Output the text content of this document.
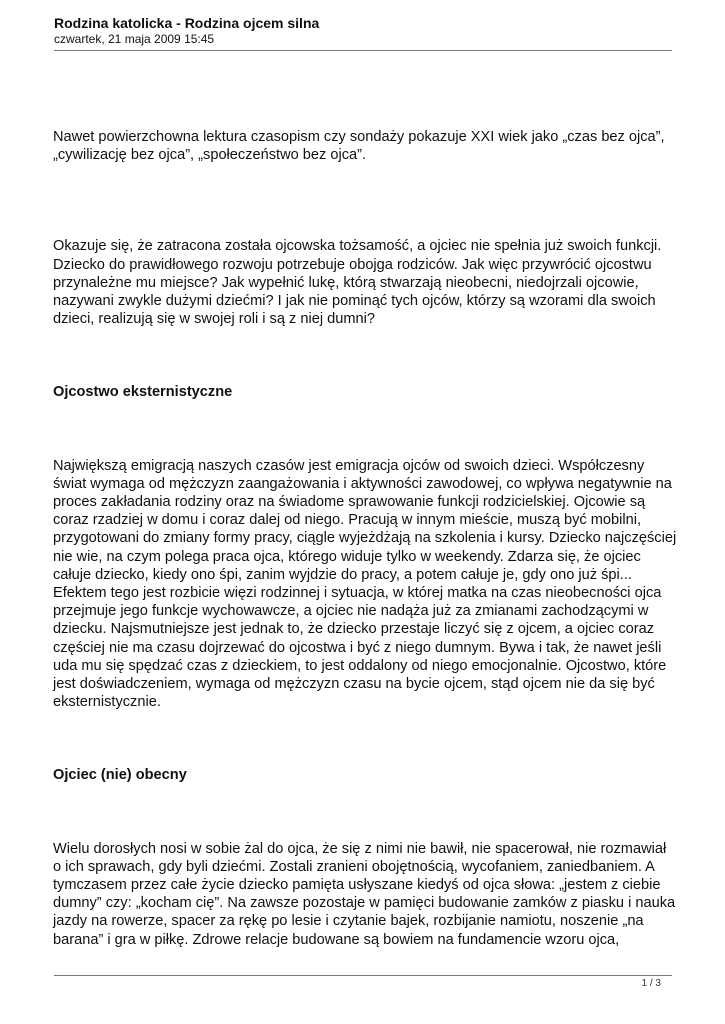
Rodzina katolicka - Rodzina ojcem silna

czwartek, 21 maja 2009 15:45

Nawet powierzchowna lektura czasopism czy sondaży pokazuje XXI wiek jako „czas bez ojca”, „cywilizację bez ojca”, „społeczeństwo bez ojca”.

Okazuje się, że zatracona została ojcowska tożsamość, a ojciec nie spełnia już swoich funkcji. Dziecko do prawidłowego rozwoju potrzebuje obojga rodziców. Jak więc przywrócić ojcostwu przynależne mu miejsce? Jak wypełnić lukę, którą stwarzają nieobecni, niedojrzali ojcowie, nazywani zwykle dużymi dziećmi? I jak nie pominąć tych ojców, którzy są wzorami dla swoich dzieci, realizują się w swojej roli i są z niej dumni?

Ojcostwo eksternistyczne

Największą emigracją naszych czasów jest emigracja ojców od swoich dzieci. Współczesny świat wymaga od mężczyzn zaangażowania i aktywności zawodowej, co wpływa negatywnie na proces zakładania rodziny oraz na świadome sprawowanie funkcji rodzicielskiej. Ojcowie są coraz rzadziej w domu i coraz dalej od niego. Pracują w innym mieście, muszą być mobilni, przygotowani do zmiany formy pracy, ciągle wyjeżdżają na szkolenia i kursy. Dziecko najczęściej nie wie, na czym polega praca ojca, którego widuje tylko w weekendy. Zdarza się, że ojciec całuje dziecko, kiedy ono śpi, zanim wyjdzie do pracy, a potem całuje je, gdy ono już śpi... Efektem tego jest rozbicie więzi rodzinnej i sytuacja, w której matka na czas nieobecności ojca przejmuje jego funkcje wychowawcze, a ojciec nie nadąża już za zmianami zachodzącymi w dziecku. Najsmutniejsze jest jednak to, że dziecko przestaje liczyć się z ojcem, a ojciec coraz częściej nie ma czasu dojrzewać do ojcostwa i być z niego dumnym. Bywa i tak, że nawet jeśli uda mu się spędzać czas z dzieckiem, to jest oddalony od niego emocjonalnie. Ojcostwo, które jest doświadczeniem, wymaga od mężczyzn czasu na bycie ojcem, stąd ojcem nie da się być eksternistycznie.

Ojciec (nie) obecny

Wielu dorosłych nosi w sobie żal do ojca, że się z nimi nie bawił, nie spacerował, nie rozmawiał o ich sprawach, gdy byli dziećmi. Zostali zranieni obojętnością, wycofaniem, zaniedbaniem. A tymczasem przez całe życie dziecko pamięta usłyszane kiedyś od ojca słowa: „jestem z ciebie dumny” czy: „kocham cię”. Na zawsze pozostaje w pamięci budowanie zamków z piasku i nauka jazdy na rowerze, spacer za rękę po lesie i czytanie bajek, rozbijanie namiotu, noszenie „na barana” i gra w piłkę. Zdrowe relacje budowane są bowiem na fundamencie wzoru ojca,

1 / 3
